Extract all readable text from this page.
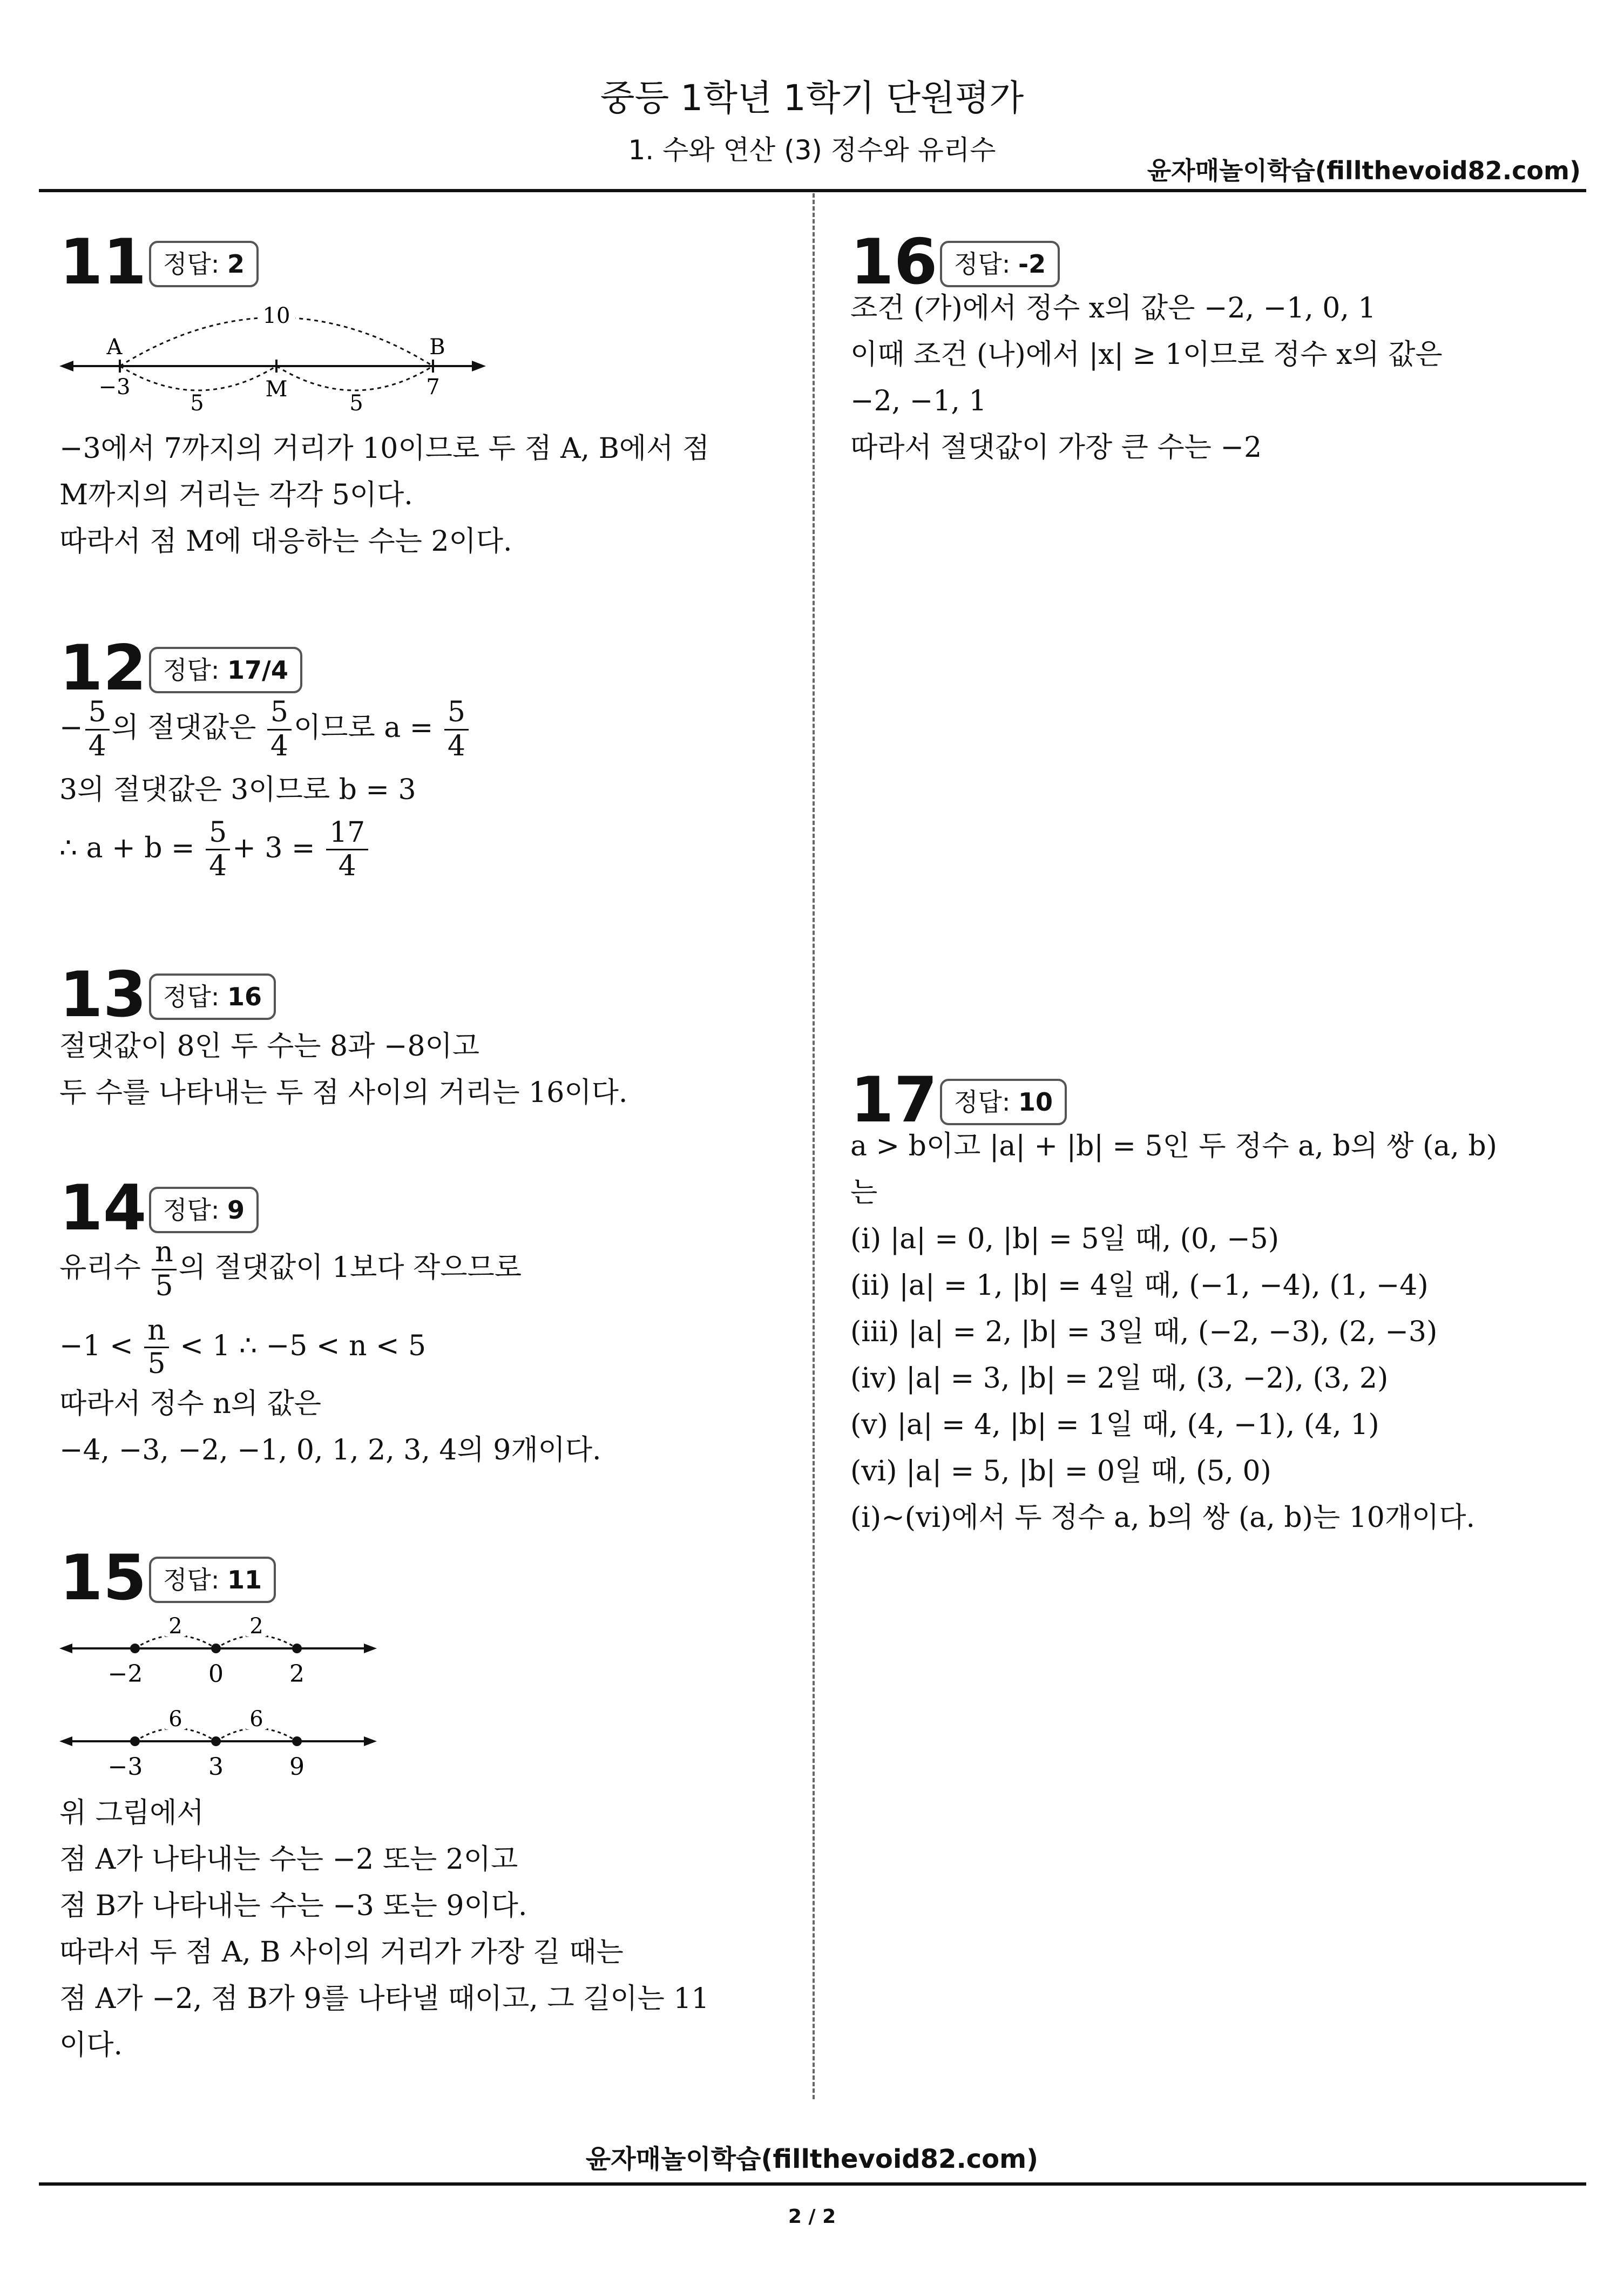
중등 1학년 1학기 단원평가
1. 수와 연산 (3) 정수와 유리수
윤자매놀이학습(fillthevoid82.com)
11 정답: 2
10
A	B
−3	M	7
5	5

−3에서 7까지의 거리가 10이므로 두 점 A, B에서 점

M까지의 거리는 각각 5이다.

따라서 점 M에 대응하는 수는 2이다.

12 정답: 17/4

− $\frac{5}{4}$ 의 절댓값은 $\frac{5}{4}$ 이므로 $a = \frac{5}{4}$

3의 절댓값은 3이므로 b = 3

∴ $a + b = \frac{5}{4} + 3 = \frac{17}{4}$

13 정답: 16

절댓값이 8인 두 수는 8과 −8이고

두 수를 나타내는 두 점 사이의 거리는 16이다.

14 정답: 9

유리수 $\frac{n}{5}$ 의 절댓값이 1보다 작으므로

$-1 < \frac{n}{5} < 1$ ∴ −5 < n < 5

따라서 정수 n의 값은

−4, −3, −2, −1, 0, 1, 2, 3, 4의 9개이다.

15 정답: 11
2	2
−2	0	2
6	6
−3	3	9

위 그림에서

점 A가 나타내는 수는 −2 또는 2이고

점 B가 나타내는 수는 −3 또는 9이다.

따라서 두 점 A, B 사이의 거리가 가장 길 때는

점 A가 −2, 점 B가 9를 나타낼 때이고, 그 길이는 11

이다.

16 정답: -2

조건 (가)에서 정수 x의 값은 −2, −1, 0, 1

이때 조건 (나)에서 |x| ≥ 1이므로 정수 x의 값은

−2, −1, 1

따라서 절댓값이 가장 큰 수는 −2

17 정답: 10

a > b이고 |a| + |b| = 5인 두 정수 a, b의 쌍 (a, b)

는

(ⅰ) |a| = 0, |b| = 5일 때, (0, −5)

(ⅱ) |a| = 1, |b| = 4일 때, (−1, −4), (1, −4)

(ⅲ) |a| = 2, |b| = 3일 때, (−2, −3), (2, −3)

(ⅳ) |a| = 3, |b| = 2일 때, (3, −2), (3, 2)

(ⅴ) |a| = 4, |b| = 1일 때, (4, −1), (4, 1)

(ⅵ) |a| = 5, |b| = 0일 때, (5, 0)

(ⅰ)~(ⅵ)에서 두 정수 a, b의 쌍 (a, b)는 10개이다.

윤자매놀이학습(fillthevoid82.com)
2 / 2
